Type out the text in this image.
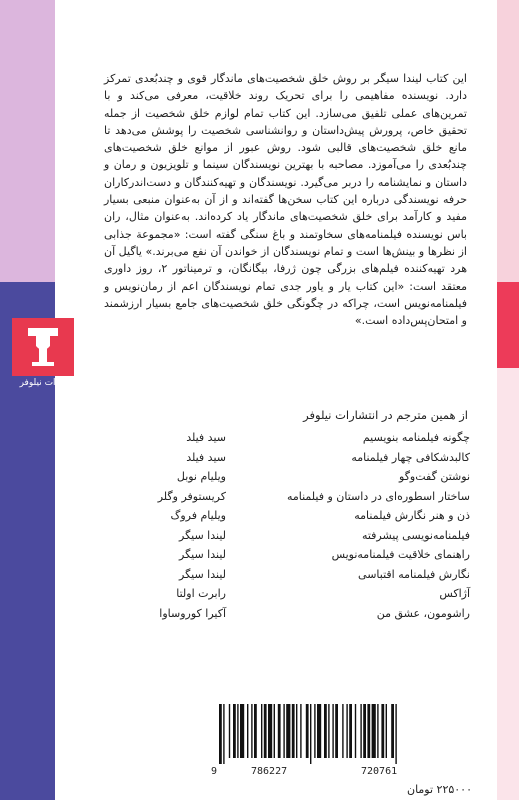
انتشارات نیلوفر
این کتاب لیندا سیگر بر روش خلق شخصیت‌های ماندگار قوی و چندبُعدی تمرکز دارد. نویسنده مفاهیمی را برای تحریک روند خلاقیت، معرفی می‌کند و با تمرین‌های عملی تلفیق می‌سازد. این کتاب تمام لوازم خلق شخصیت از جمله تحقیق خاص، پرورش پیش‌داستان و روانشناسی شخصیت را پوشش می‌دهد تا مانع خلق شخصیت‌های قالبی شود. روش عبور از موانع خلق شخصیت‌های چندبُعدی را می‌آموزد. مصاحبه با بهترین نویسندگان سینما و تلویزیون و رمان و داستان و نمایشنامه را دربر می‌گیرد. نویسندگان و تهیه‌کنندگان و دست‌اندرکاران حرفه نویسندگی درباره این کتاب سخن‌ها گفته‌اند و از آن به‌عنوان منبعی بسیار مفید و کارآمد برای خلق شخصیت‌های ماندگار یاد کرده‌اند. به‌عنوان مثال، ران باس نویسنده فیلمنامه‌های سخاوتمند و باغ سنگی گفته است: «مجموعة جذابی از نظرها و بینش‌ها است و تمام نویسندگان از خواندن آن نفع می‌برند.» یاگیل آن هرد تهیه‌کننده فیلم‌های بزرگی چون ژرفا، بیگانگان، و ترمیناتور ۲، روز داوری معتقد است: «این کتاب یار و یاور جدی تمام نویسندگان اعم از رمان‌نویس و فیلمنامه‌نویس است، چراکه در چگونگی خلق شخصیت‌های جامع بسیار ارزشمند و امتحان‌پس‌داده است.»
از همین مترجم در انتشارات نیلوفر
چگونه فیلمنامه بنویسیم
سید فیلد
کالبدشکافی چهار فیلمنامه
سید فیلد
نوشتن گفت‌وگو
ویلیام نوبل
ساختار اسطوره‌ای در داستان و فیلمنامه
کریستوفر وگلر
ذن و هنر نگارش فیلمنامه
ویلیام فروگ
فیلمنامه‌نویسی پیشرفته
لیندا سیگر
راهنمای خلاقیت فیلمنامه‌نویس
لیندا سیگر
نگارش فیلمنامه اقتباسی
لیندا سیگر
آژاکس
رابرت اولتا
راشومون، عشق من
آکیرا کوروساوا
9	786227	720761
۲۲۵۰۰۰ تومان
